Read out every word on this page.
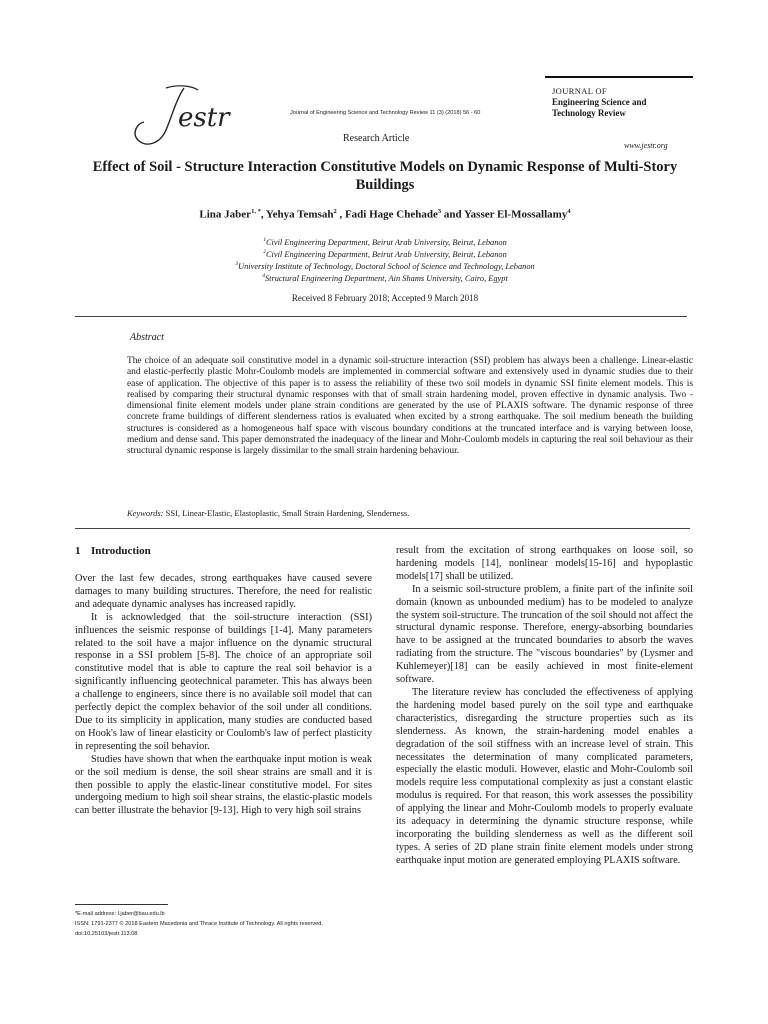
estr	Journal of Engineering Science and Technology Review 11 (3) (2018) 56 - 60
Research Article
JOURNAL OF
Engineering Science and
Technology Review
www.jestr.org
Effect of Soil - Structure Interaction Constitutive Models on Dynamic Response of Multi-Story Buildings
Lina Jaber$^{1, *}$, Yehya Temsah$^2$ , Fadi Hage Chehade$^3$ and Yasser El-Mossallamy$^4$
$^1$Civil Engineering Department, Beirut Arab University, Beirut, Lebanon
$^2$Civil Engineering Department, Beirut Arab University, Beirut, Lebanon
$^3$University Institute of Technology, Doctoral School of Science and Technology, Lebanon
$^4$Structural Engineering Department, Ain Shams University, Cairo, Egypt
Received 8 February 2018; Accepted 9 March 2018
Abstract
The choice of an adequate soil constitutive model in a dynamic soil-structure interaction (SSI) problem has always been a challenge. Linear-elastic and elastic-perfectly plastic Mohr-Coulomb models are implemented in commercial software and extensively used in dynamic studies due to their ease of application. The objective of this paper is to assess the reliability of these two soil models in dynamic SSI finite element models. This is realised by comparing their structural dynamic responses with that of small strain hardening model, proven effective in dynamic analysis. Two - dimensional finite element models under plane strain conditions are generated by the use of PLAXIS software. The dynamic response of three concrete frame buildings of different slenderness ratios is evaluated when excited by a strong earthquake. The soil medium beneath the building structures is considered as a homogeneous half space with viscous boundary conditions at the truncated interface and is varying between loose, medium and dense sand. This paper demonstrated the inadequacy of the linear and Mohr-Coulomb models in capturing the real soil behaviour as their structural dynamic response is largely dissimilar to the small strain hardening behaviour.
Keywords: SSI, Linear-Elastic, Elastoplastic, Small Strain Hardening, Slenderness.
1 Introduction

Over the last few decades, strong earthquakes have caused severe damages to many building structures. Therefore, the need for realistic and adequate dynamic analyses has increased rapidly.

It is acknowledged that the soil-structure interaction (SSI) influences the seismic response of buildings [1-4]. Many parameters related to the soil have a major influence on the dynamic structural response in a SSI problem [5-8]. The choice of an appropriate soil constitutive model that is able to capture the real soil behavior is a significantly influencing geotechnical parameter. This has always been a challenge to engineers, since there is no available soil model that can perfectly depict the complex behavior of the soil under all conditions. Due to its simplicity in application, many studies are conducted based on Hook's law of linear elasticity or Coulomb's law of perfect plasticity in representing the soil behavior.

Studies have shown that when the earthquake input motion is weak or the soil medium is dense, the soil shear strains are small and it is then possible to apply the elastic-linear constitutive model. For sites undergoing medium to high soil shear strains, the elastic-plastic models can better illustrate the behavior [9-13]. High to very high soil strains

result from the excitation of strong earthquakes on loose soil, so hardening models [14], nonlinear models[15-16] and hypoplastic models[17] shall be utilized.

In a seismic soil-structure problem, a finite part of the infinite soil domain (known as unbounded medium) has to be modeled to analyze the system soil-structure. The truncation of the soil should not affect the structural dynamic response. Therefore, energy-absorbing boundaries have to be assigned at the truncated boundaries to absorb the waves radiating from the structure. The "viscous boundaries" by (Lysmer and Kuhlemeyer)[18] can be easily achieved in most finite-element software.

The literature review has concluded the effectiveness of applying the hardening model based purely on the soil type and earthquake characteristics, disregarding the structure properties such as its slenderness. As known, the strain-hardening model enables a degradation of the soil stiffness with an increase level of strain. This necessitates the determination of many complicated parameters, especially the elastic moduli. However, elastic and Mohr-Coulomb soil models require less computational complexity as just a constant elastic modulus is required. For that reason, this work assesses the possibility of applying the linear and Mohr-Coulomb models to properly evaluate its adequacy in determining the dynamic structure response, while incorporating the building slenderness as well as the different soil types. A series of 2D plane strain finite element models under strong earthquake input motion are generated employing PLAXIS software.

*E-mail address: l.jaber@bau.edu.lb
ISSN: 1791-2377 © 2018 Eastern Macedonia and Thrace Institute of Technology. All rights reserved.
doi:10.25103/jestr.113.08
